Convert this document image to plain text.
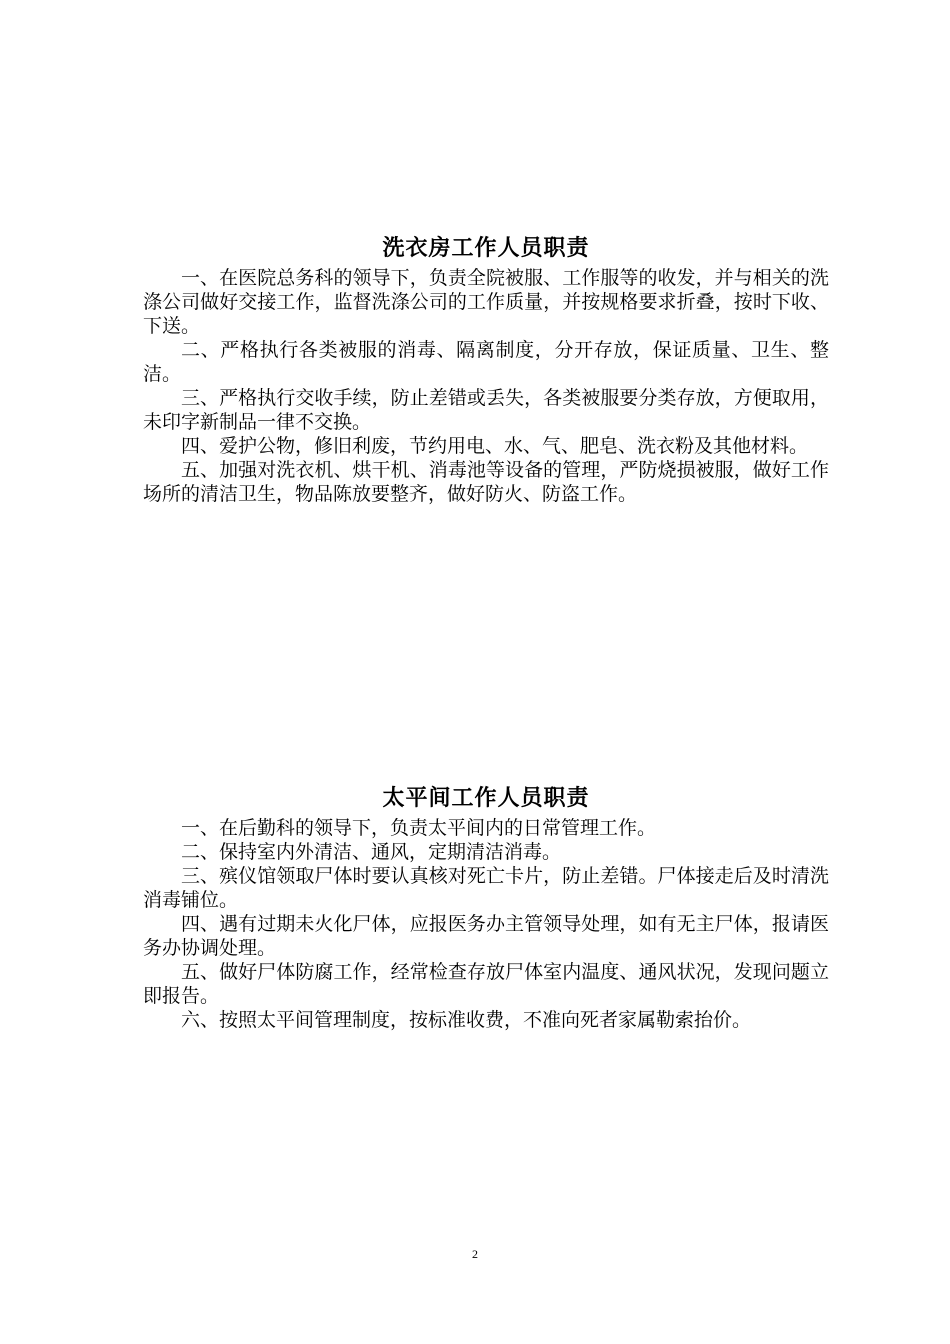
洗衣房工作人员职责

一、在医院总务科的领导下，负责全院被服、工作服等的收发，并与相关的洗涤公司做好交接工作，监督洗涤公司的工作质量，并按规格要求折叠，按时下收、下送。

二、严格执行各类被服的消毒、隔离制度，分开存放，保证质量、卫生、整洁。

三、严格执行交收手续，防止差错或丢失，各类被服要分类存放，方便取用，未印字新制品一律不交换。

四、爱护公物，修旧利废，节约用电、水、气、肥皂、洗衣粉及其他材料。

五、加强对洗衣机、烘干机、消毒池等设备的管理，严防烧损被服，做好工作场所的清洁卫生，物品陈放要整齐，做好防火、防盗工作。

太平间工作人员职责

一、在后勤科的领导下，负责太平间内的日常管理工作。

二、保持室内外清洁、通风，定期清洁消毒。

三、殡仪馆领取尸体时要认真核对死亡卡片，防止差错。尸体接走后及时清洗消毒铺位。

四、遇有过期未火化尸体，应报医务办主管领导处理，如有无主尸体，报请医务办协调处理。

五、做好尸体防腐工作，经常检查存放尸体室内温度、通风状况，发现问题立即报告。

六、按照太平间管理制度，按标准收费，不准向死者家属勒索抬价。

2
